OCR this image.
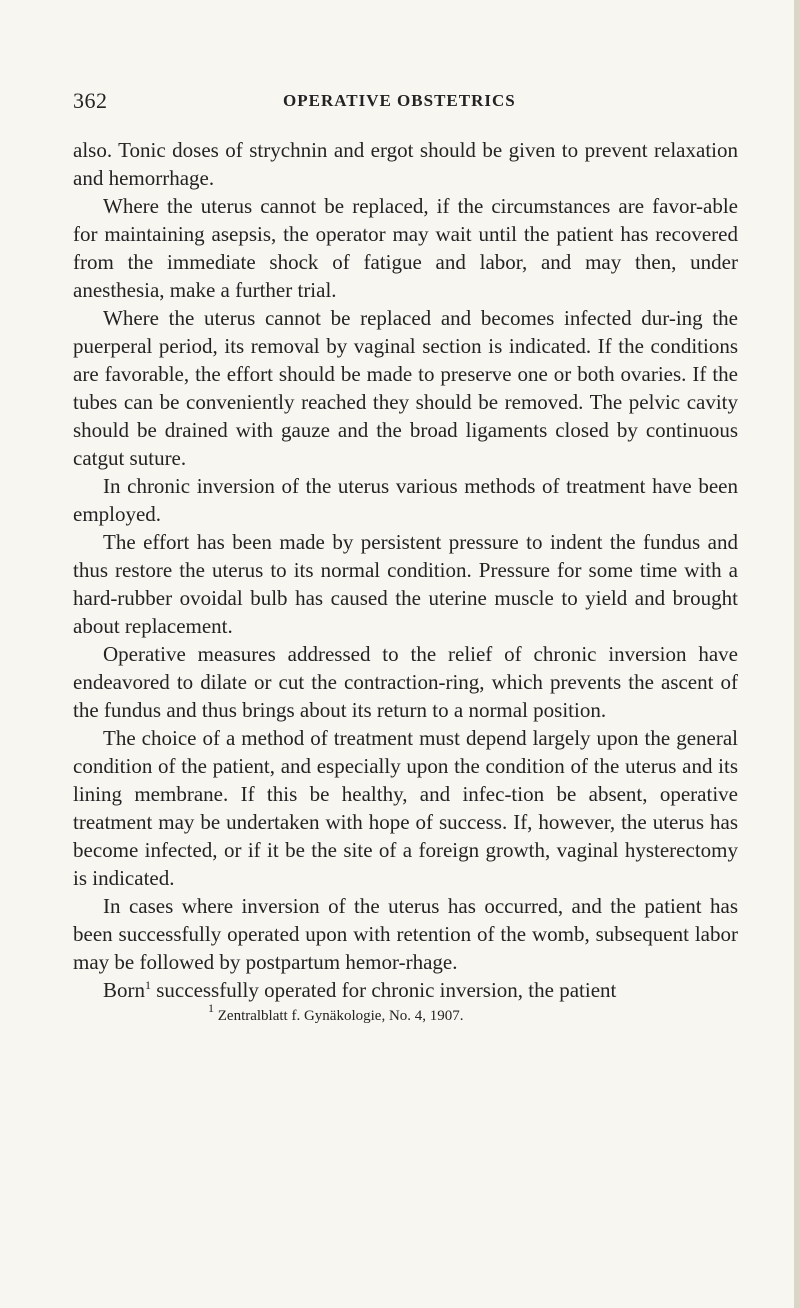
362	OPERATIVE OBSTETRICS

also. Tonic doses of strychnin and ergot should be given to prevent relaxation and hemorrhage.

Where the uterus cannot be replaced, if the circumstances are favor-able for maintaining asepsis, the operator may wait until the patient has recovered from the immediate shock of fatigue and labor, and may then, under anesthesia, make a further trial.

Where the uterus cannot be replaced and becomes infected dur-ing the puerperal period, its removal by vaginal section is indicated. If the conditions are favorable, the effort should be made to preserve one or both ovaries. If the tubes can be conveniently reached they should be removed. The pelvic cavity should be drained with gauze and the broad ligaments closed by continuous catgut suture.

In chronic inversion of the uterus various methods of treatment have been employed.

The effort has been made by persistent pressure to indent the fundus and thus restore the uterus to its normal condition. Pressure for some time with a hard-rubber ovoidal bulb has caused the uterine muscle to yield and brought about replacement.

Operative measures addressed to the relief of chronic inversion have endeavored to dilate or cut the contraction-ring, which prevents the ascent of the fundus and thus brings about its return to a normal position.

The choice of a method of treatment must depend largely upon the general condition of the patient, and especially upon the condition of the uterus and its lining membrane. If this be healthy, and infec-tion be absent, operative treatment may be undertaken with hope of success. If, however, the uterus has become infected, or if it be the site of a foreign growth, vaginal hysterectomy is indicated.

In cases where inversion of the uterus has occurred, and the patient has been successfully operated upon with retention of the womb, subsequent labor may be followed by postpartum hemor-rhage.

Born$^1$ successfully operated for chronic inversion, the patient

$^1$ Zentralblatt f. Gynäkologie, No. 4, 1907.
